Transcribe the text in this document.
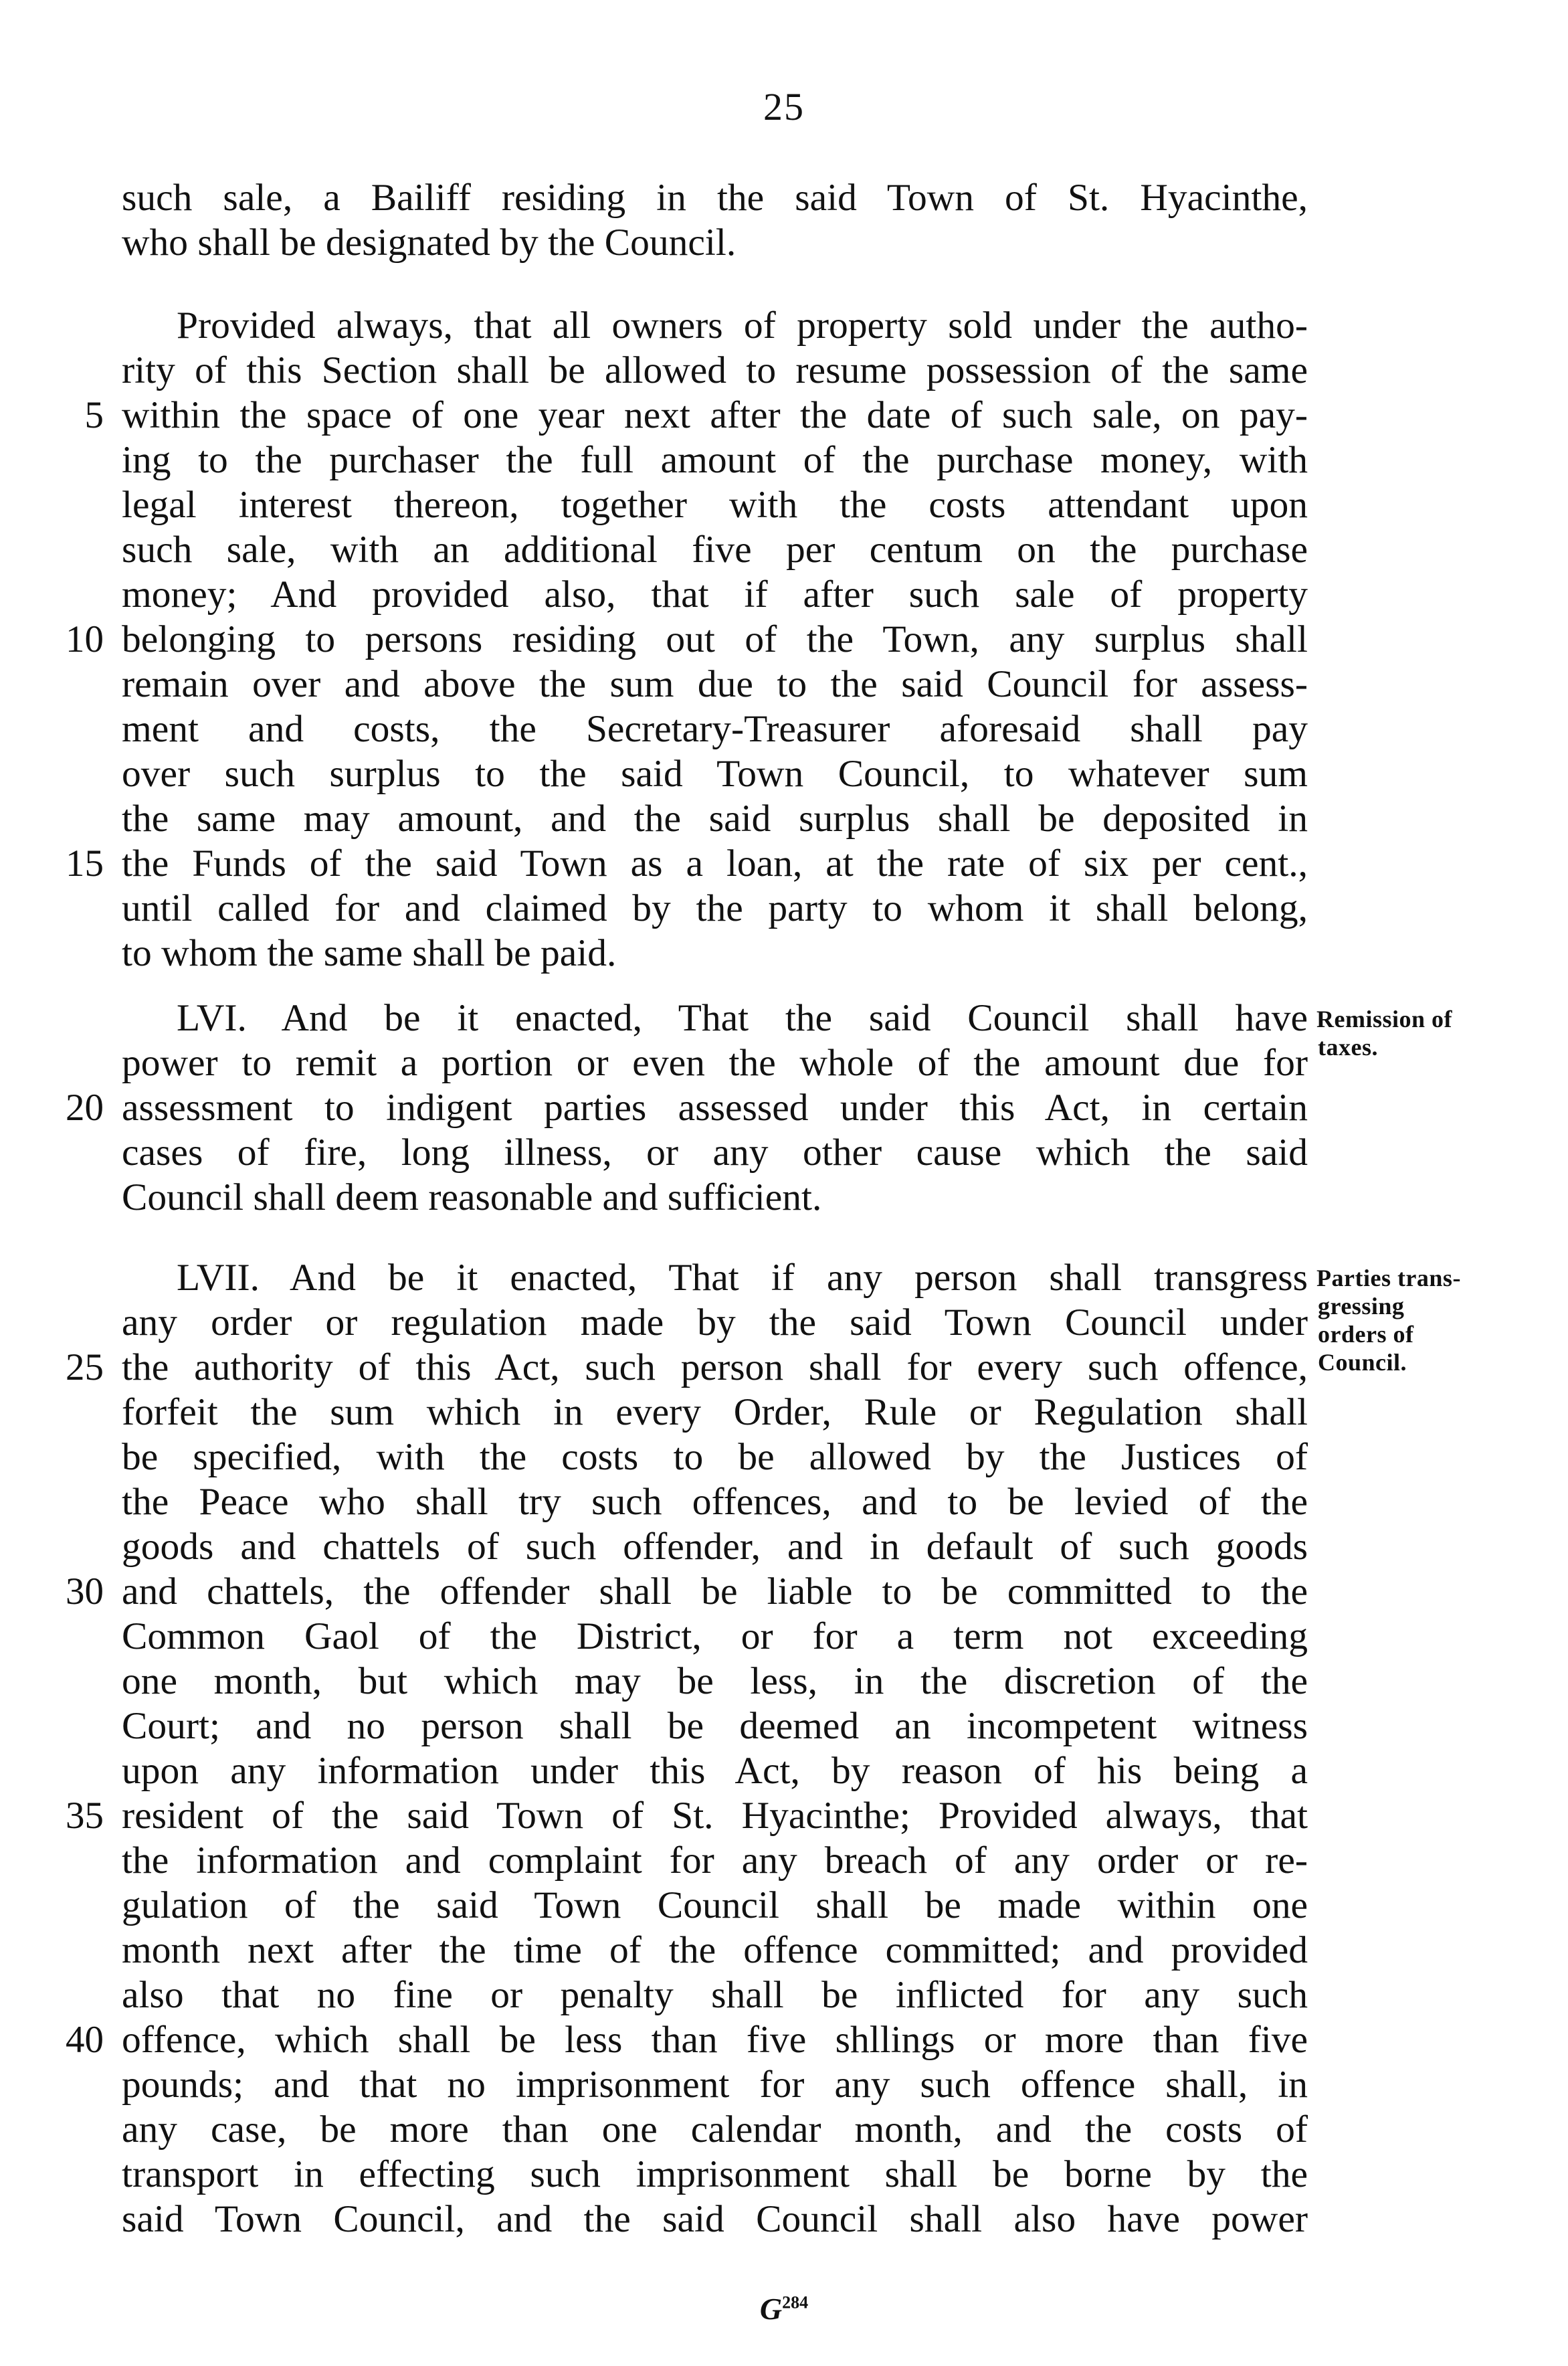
25
such sale, a Bailiff residing in the said Town of St. Hyacinthe,
who shall be designated by the Council.
Provided always, that all owners of property sold under the autho-
rity of this Section shall be allowed to resume possession of the same
5 within the space of one year next after the date of such sale, on pay-
ing to the purchaser the full amount of the purchase money, with
legal interest thereon, together with the costs attendant upon
such sale, with an additional five per centum on the purchase
money; And provided also, that if after such sale of property
10 belonging to persons residing out of the Town, any surplus shall
remain over and above the sum due to the said Council for assess-
ment and costs, the Secretary-Treasurer aforesaid shall pay
over such surplus to the said Town Council, to whatever sum
the same may amount, and the said surplus shall be deposited in
15 the Funds of the said Town as a loan, at the rate of six per cent.,
until called for and claimed by the party to whom it shall belong,
to whom the same shall be paid.
LVI. And be it enacted, That the said Council shall have
power to remit a portion or even the whole of the amount due for
20 assessment to indigent parties assessed under this Act, in certain
cases of fire, long illness, or any other cause which the said
Council shall deem reasonable and sufficient.
Remission of
taxes.
LVII. And be it enacted, That if any person shall transgress
any order or regulation made by the said Town Council under
25 the authority of this Act, such person shall for every such offence,
forfeit the sum which in every Order, Rule or Regulation shall
be specified, with the costs to be allowed by the Justices of
the Peace who shall try such offences, and to be levied of the
goods and chattels of such offender, and in default of such goods
30 and chattels, the offender shall be liable to be committed to the
Common Gaol of the District, or for a term not exceeding
one month, but which may be less, in the discretion of the
Court; and no person shall be deemed an incompetent witness
upon any information under this Act, by reason of his being a
35 resident of the said Town of St. Hyacinthe; Provided always, that
the information and complaint for any breach of any order or re-
gulation of the said Town Council shall be made within one
month next after the time of the offence committed; and provided
also that no fine or penalty shall be inflicted for any such
40 offence, which shall be less than five shllings or more than five
pounds; and that no imprisonment for any such offence shall, in
any case, be more than one calendar month, and the costs of
transport in effecting such imprisonment shall be borne by the
said Town Council, and the said Council shall also have power
Parties trans-
gressing
orders of
Council.
$G^{284}$
